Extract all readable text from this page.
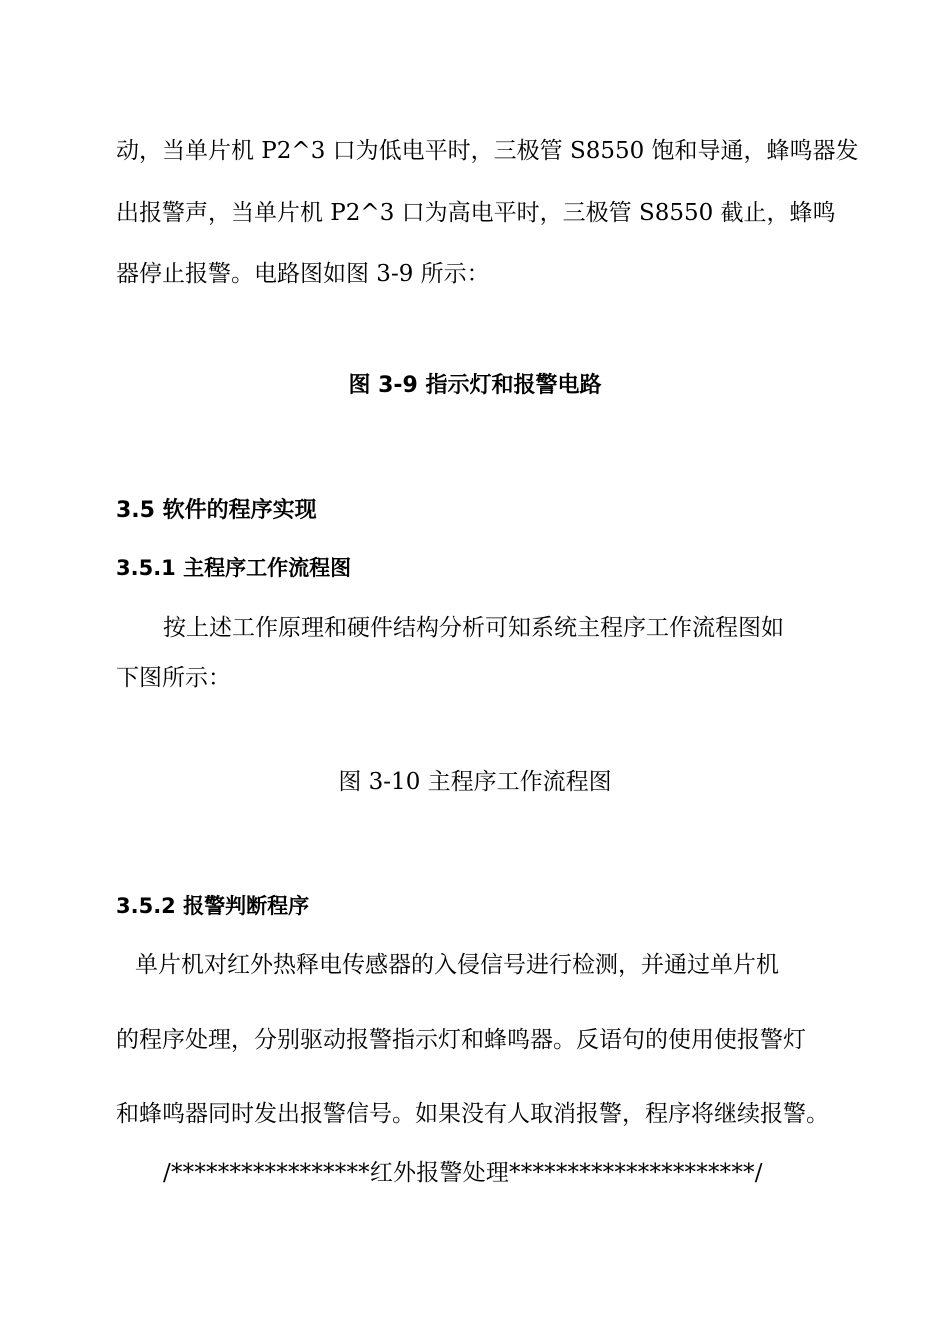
动，当单片机 P2^3 口为低电平时，三极管 S8550 饱和导通，蜂鸣器发
出报警声，当单片机 P2^3 口为高电平时，三极管 S8550 截止，蜂鸣
器停止报警。电路图如图 3-9 所示：
图 3-9 指示灯和报警电路
3.5 软件的程序实现
3.5.1 主程序工作流程图
按上述工作原理和硬件结构分析可知系统主程序工作流程图如
下图所示：
图 3-10 主程序工作流程图
3.5.2 报警判断程序
单片机对红外热释电传感器的入侵信号进行检测，并通过单片机
的程序处理，分别驱动报警指示灯和蜂鸣器。反语句的使用使报警灯
和蜂鸣器同时发出报警信号。如果没有人取消报警，程序将继续报警。
/*****************红外报警处理*********************/
